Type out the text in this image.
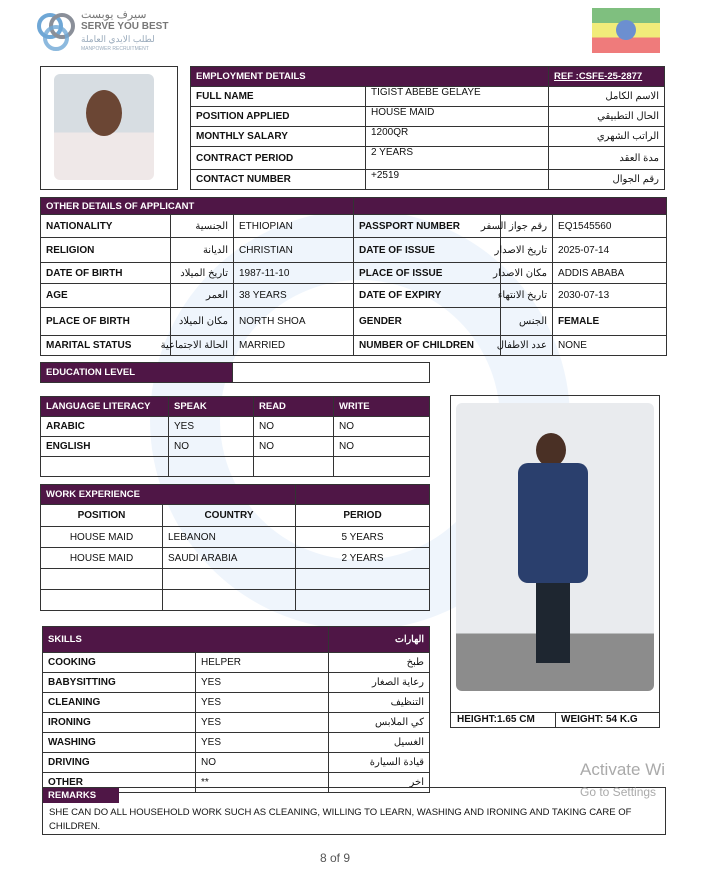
سيرف يوبست
SERVE YOU BEST
لطلب الايدي العاملة
MANPOWER RECRUITMENT
EMPLOYMENT DETAILS		REF :CSFE-25-2877
FULL NAME	TIGIST ABEBE GELAYE	الاسم الكامل
POSITION APPLIED	HOUSE MAID	الحال التطبيقي
MONTHLY SALARY	1200QR	الراتب الشهري
CONTRACT PERIOD	2 YEARS	مدة العقد
CONTACT NUMBER	+2519	رقم الجوال
OTHER DETAILS OF APPLICANT					
NATIONALITY	الجنسية	ETHIOPIAN	PASSPORT NUMBER	رقم جواز السفر	EQ1545560
RELIGION	الديانة	CHRISTIAN	DATE OF ISSUE	تاريخ الاصدار	2025-07-14
DATE OF BIRTH	تاريخ الميلاد	1987-11-10	PLACE OF ISSUE	مكان الاصدار	ADDIS ABABA
AGE	العمر	38 YEARS	DATE OF EXPIRY	تاريخ الانتهاء	2030-07-13
PLACE OF BIRTH	مكان الميلاد	NORTH SHOA	GENDER	الجنس	FEMALE
MARITAL STATUS	الحالة الاجتماعية	MARRIED	NUMBER OF CHILDREN	عدد الاطفال	NONE
EDUCATION LEVEL	
LANGUAGE LITERACY	SPEAK	READ	WRITE
ARABIC	YES	NO	NO
ENGLISH	NO	NO	NO

WORK EXPERIENCE		
POSITION	COUNTRY	PERIOD
HOUSE MAID	LEBANON	5 YEARS
HOUSE MAID	SAUDI ARABIA	2 YEARS

SKILLS		الهارات
COOKING	HELPER	طبخ
BABYSITTING	YES	رعاية الصغار
CLEANING	YES	التنظيف
IRONING	YES	كي الملابس
WASHING	YES	الغسيل
DRIVING	NO	قيادة السيارة
OTHER	**	اخر
HEIGHT:1.65 CM	WEIGHT: 54 K.G
REMARKS
SHE CAN DO ALL HOUSEHOLD WORK SUCH AS CLEANING, WILLING TO LEARN, WASHING AND IRONING AND TAKING CARE OF CHILDREN.
8 of 9
Activate Wi
Go to Settings
